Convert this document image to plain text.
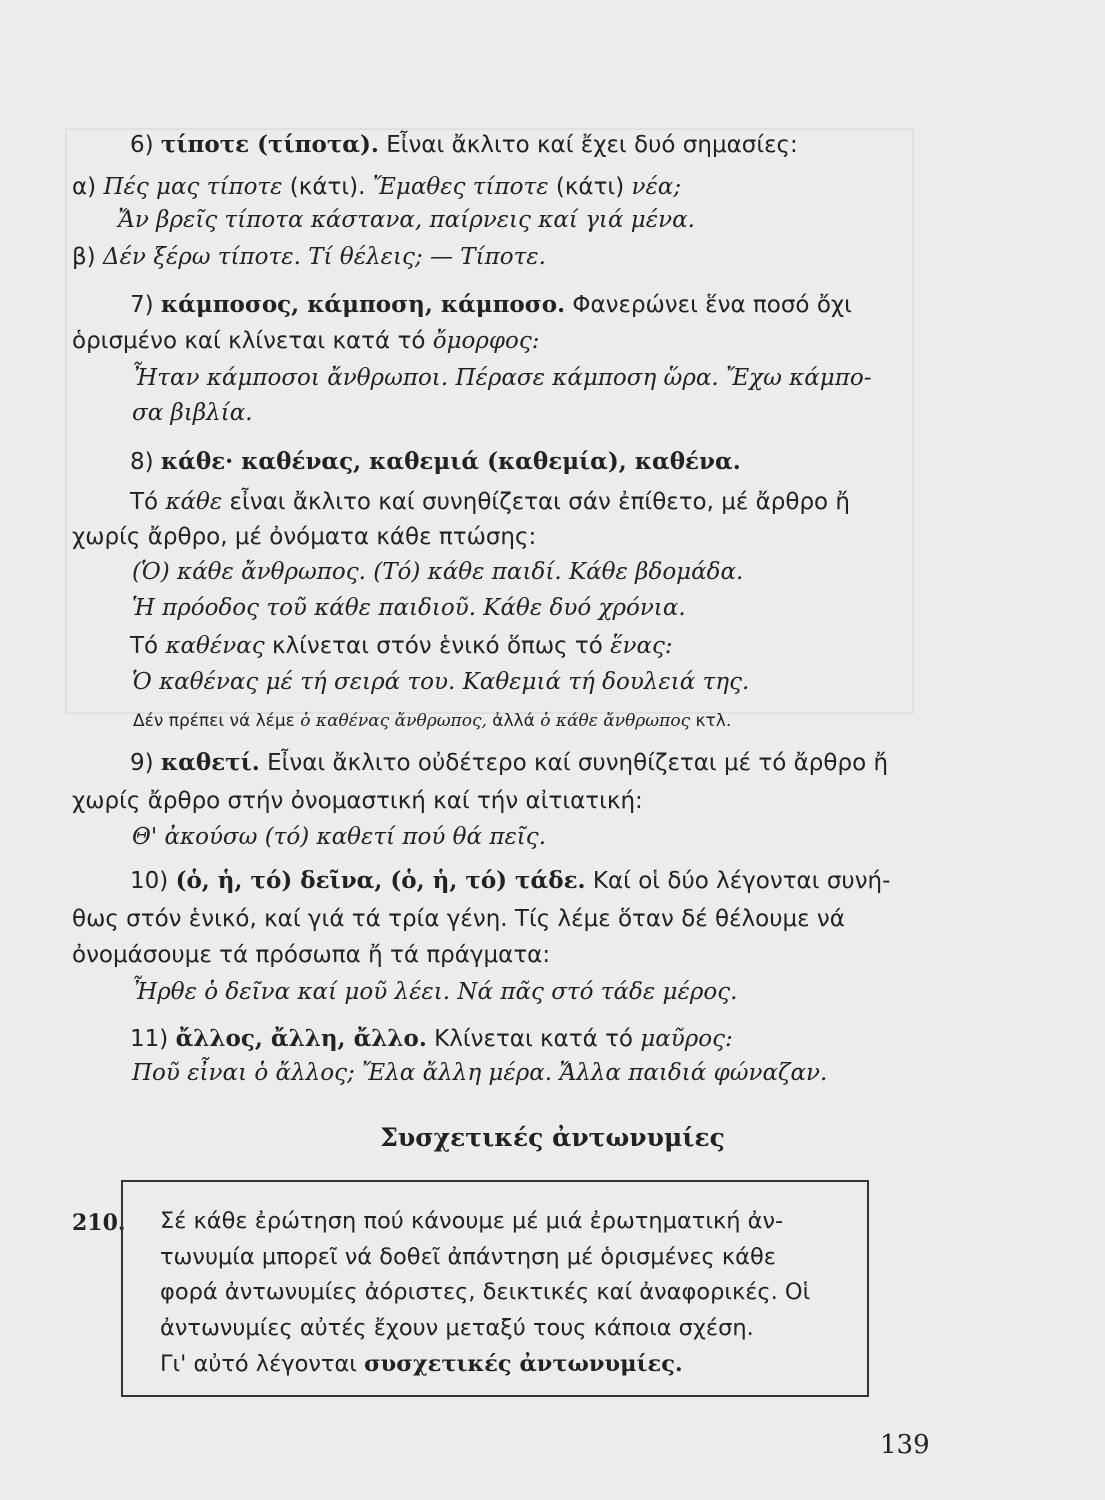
6) τίποτε (τίποτα). Εἶναι ἄκλιτο καί ἔχει δυό σημασίες:
α) Πές μας τίποτε (κάτι). Ἔμαθες τίποτε (κάτι) νέα;
Ἄν βρεῖς τίποτα κάστανα, παίρνεις καί γιά μένα.
β) Δέν ξέρω τίποτε. Τί θέλεις; — Τίποτε.
7) κάμποσος, κάμποση, κάμποσο. Φανερώνει ἕνα ποσό ὄχι
ὁρισμένο καί κλίνεται κατά τό ὄμορφος:
Ἦταν κάμποσοι ἄνθρωποι. Πέρασε κάμποση ὥρα. Ἔχω κάμπο-
σα βιβλία.
8) κάθε· καθένας, καθεμιά (καθεμία), καθένα.
Τό κάθε εἶναι ἄκλιτο καί συνηθίζεται σάν ἐπίθετο, μέ ἄρθρο ἤ
χωρίς ἄρθρο, μέ ὀνόματα κάθε πτώσης:
(Ὁ) κάθε ἄνθρωπος. (Τό) κάθε παιδί. Κάθε βδομάδα.
Ἡ πρόοδος τοῦ κάθε παιδιοῦ. Κάθε δυό χρόνια.
Τό καθένας κλίνεται στόν ἑνικό ὅπως τό ἕνας:
Ὁ καθένας μέ τή σειρά του. Καθεμιά τή δουλειά της.
Δέν πρέπει νά λέμε ὁ καθένας ἄνθρωπος, ἀλλά ὁ κάθε ἄνθρωπος κτλ.
9) καθετί. Εἶναι ἄκλιτο οὐδέτερο καί συνηθίζεται μέ τό ἄρθρο ἤ
χωρίς ἄρθρο στήν ὀνομαστική καί τήν αἰτιατική:
Θ' ἀκούσω (τό) καθετί πού θά πεῖς.
10) (ὁ, ἡ, τό) δεῖνα, (ὁ, ἡ, τό) τάδε. Καί οἱ δύο λέγονται συνή-
θως στόν ἑνικό, καί γιά τά τρία γένη. Τίς λέμε ὅταν δέ θέλουμε νά
ὀνομάσουμε τά πρόσωπα ἤ τά πράγματα:
Ἦρθε ὁ δεῖνα καί μοῦ λέει. Νά πᾶς στό τάδε μέρος.
11) ἄλλος, ἄλλη, ἄλλο. Κλίνεται κατά τό μαῦρος:
Ποῦ εἶναι ὁ ἄλλος; Ἔλα ἄλλη μέρα. Ἄλλα παιδιά φώναζαν.
Συσχετικές ἀντωνυμίες
210. Σέ κάθε ἐρώτηση πού κάνουμε μέ μιά ἐρωτηματική ἀν-
τωνυμία μπορεῖ νά δοθεῖ ἀπάντηση μέ ὁρισμένες κάθε
φορά ἀντωνυμίες ἀόριστες, δεικτικές καί ἀναφορικές. Οἱ
ἀντωνυμίες αὐτές ἔχουν μεταξύ τους κάποια σχέση.
Γι' αὐτό λέγονται συσχετικές ἀντωνυμίες.
139
